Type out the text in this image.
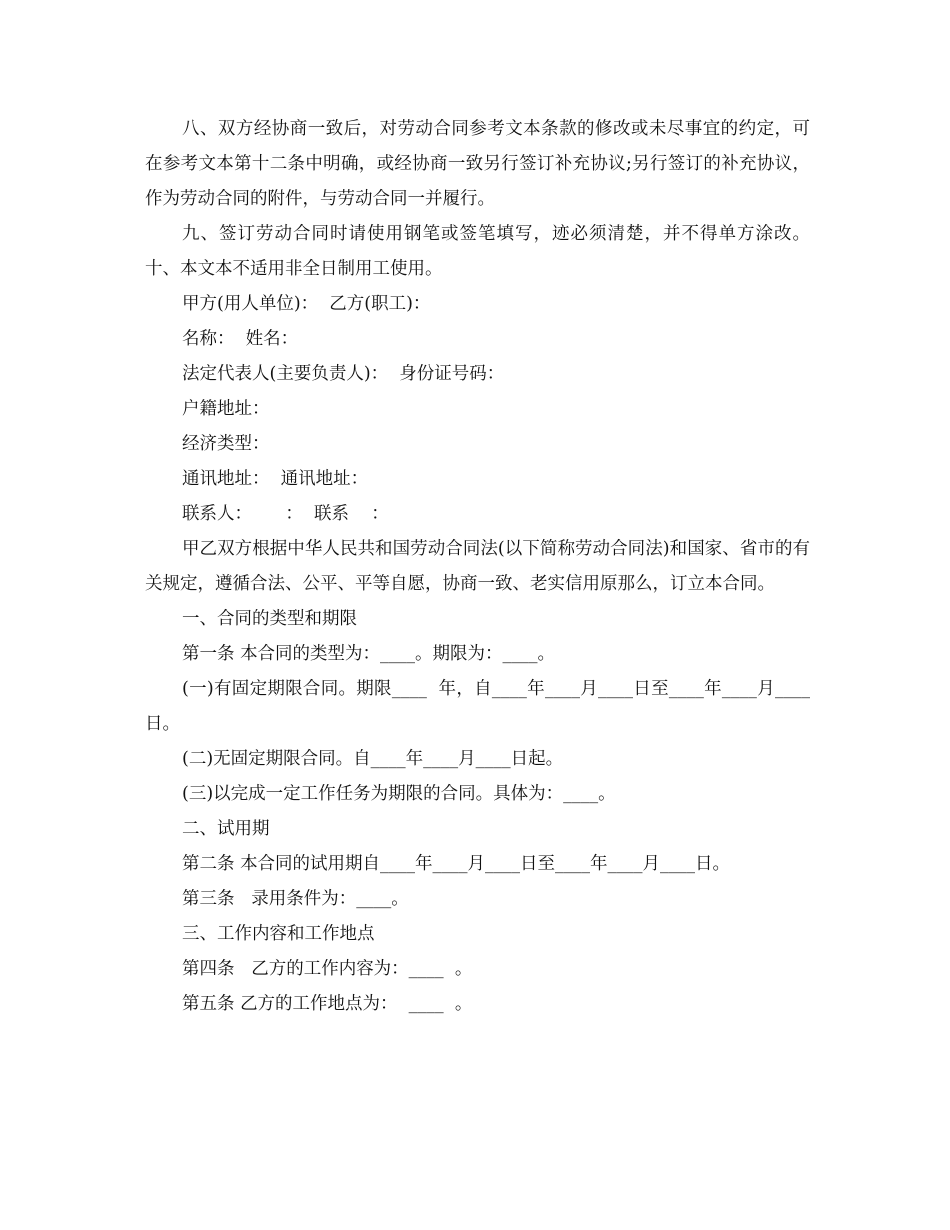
八、双方经协商一致后，对劳动合同参考文本条款的修改或未尽事宜的约定，可在参考文本第十二条中明确，或经协商一致另行签订补充协议;另行签订的补充协议，作为劳动合同的附件，与劳动合同一并履行。

九、签订劳动合同时请使用钢笔或签笔填写，迹必须清楚，并不得单方涂改。十、本文本不适用非全日制用工使用。

甲方(用人单位)：  乙方(职工)：

名称：  姓名：

法定代表人(主要负责人)：  身份证号码：

户籍地址：

经济类型：

通讯地址：  通讯地址：

联系人：      ：  联系    ：

甲乙双方根据中华人民共和国劳动合同法(以下简称劳动合同法)和国家、省市的有关规定，遵循合法、公平、平等自愿，协商一致、老实信用原那么，订立本合同。

一、合同的类型和期限

第一条 本合同的类型为：____。期限为：____。

(一)有固定期限合同。期限____  年，自____年____月____日至____年____月____日。

(二)无固定期限合同。自____年____月____日起。

(三)以完成一定工作任务为期限的合同。具体为：____。

二、试用期

第二条 本合同的试用期自____年____月____日至____年____月____日。

第三条   录用条件为：____。

三、工作内容和工作地点

第四条   乙方的工作内容为：____  。

第五条 乙方的工作地点为：  ____  。
